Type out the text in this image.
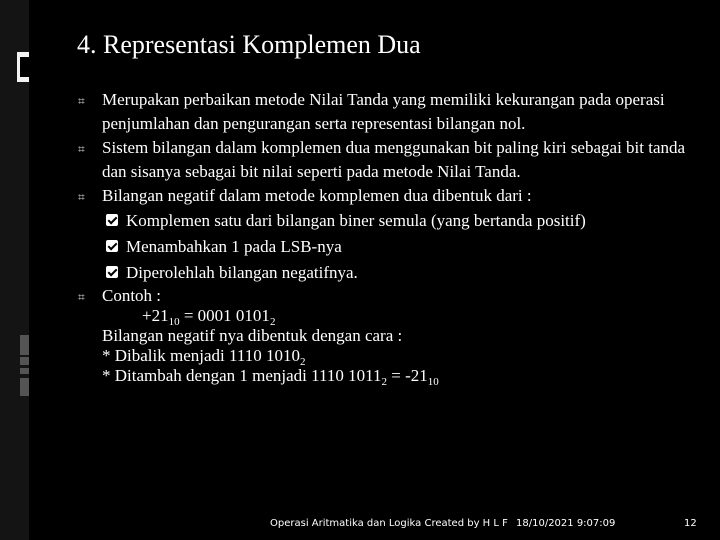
4. Representasi Komplemen Dua
⌗ Merupakan perbaikan metode Nilai Tanda yang memiliki kekurangan pada operasi penjumlahan dan pengurangan serta representasi bilangan nol.
⌗ Sistem bilangan dalam komplemen dua menggunakan bit paling kiri sebagai bit tanda dan sisanya sebagai bit nilai seperti pada metode Nilai Tanda.
⌗ Bilangan negatif dalam metode komplemen dua dibentuk dari :
Komplemen satu dari bilangan biner semula (yang bertanda positif)
Menambahkan 1 pada LSB-nya
Diperolehlah bilangan negatifnya.
⌗ Contoh :
$+21_{10} = 0001$ $0101_2$
Bilangan negatif nya dibentuk dengan cara :
* Dibalik menjadi 1110 $1010_2$
* Ditambah dengan 1 menjadi 1110 $1011_2 = -21_{10}$
Operasi Aritmatika dan Logika Created by H L F 18/10/2021 9:07:09	12
